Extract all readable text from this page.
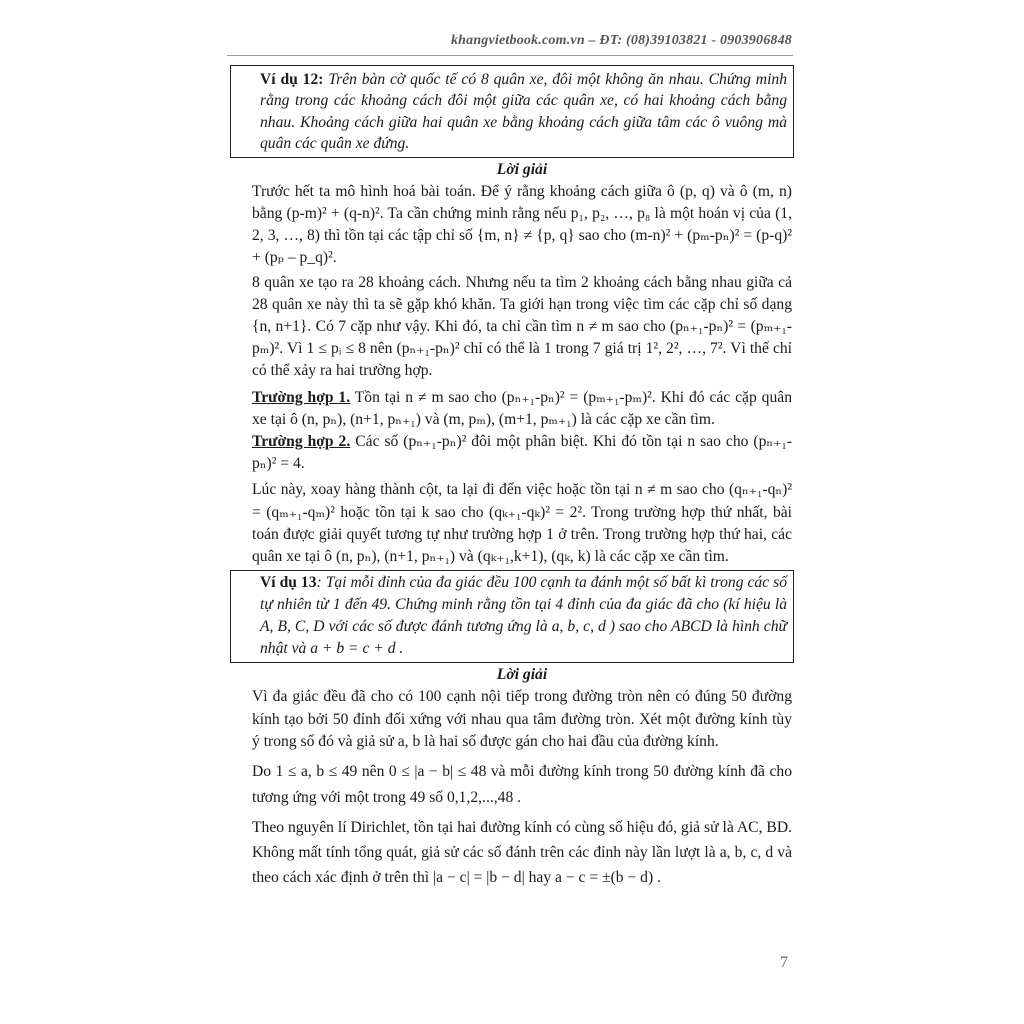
khangvietbook.com.vn – ĐT: (08)39103821 - 0903906848

Ví dụ 12: Trên bàn cờ quốc tế có 8 quân xe, đôi một không ăn nhau. Chứng minh rằng trong các khoảng cách đôi một giữa các quân xe, có hai khoảng cách bằng nhau. Khoảng cách giữa hai quân xe bằng khoảng cách giữa tâm các ô vuông mà quân các quân xe đứng.

Lời giải

Trước hết ta mô hình hoá bài toán. Để ý rằng khoảng cách giữa ô (p, q) và ô (m, n) bằng (p-m)² + (q-n)². Ta cần chứng minh rằng nếu p₁, p₂, …, p₈ là một hoán vị của (1, 2, 3, …, 8) thì tồn tại các tập chỉ số {m, n} ≠ {p, q} sao cho (m-n)² + (pₘ-pₙ)² = (p-q)² + (pₚ – p_q)².

8 quân xe tạo ra 28 khoảng cách. Nhưng nếu ta tìm 2 khoảng cách bằng nhau giữa cả 28 quân xe này thì ta sẽ gặp khó khăn. Ta giới hạn trong việc tìm các cặp chỉ số dạng {n, n+1}. Có 7 cặp như vậy. Khi đó, ta chỉ cần tìm n ≠ m sao cho (pₙ₊₁-pₙ)² = (pₘ₊₁-pₘ)². Vì 1 ≤ pᵢ ≤ 8 nên (pₙ₊₁-pₙ)² chỉ có thể là 1 trong 7 giá trị 1², 2², …, 7². Vì thế chỉ có thể xảy ra hai trường hợp.

Trường hợp 1. Tồn tại n ≠ m sao cho (pₙ₊₁-pₙ)² = (pₘ₊₁-pₘ)². Khi đó các cặp quân xe tại ô (n, pₙ), (n+1, pₙ₊₁) và (m, pₘ), (m+1, pₘ₊₁) là các cặp xe cần tìm.

Trường hợp 2. Các số (pₙ₊₁-pₙ)² đôi một phân biệt. Khi đó tồn tại n sao cho (pₙ₊₁-pₙ)² = 4.

Lúc này, xoay hàng thành cột, ta lại đi đến việc hoặc tồn tại n ≠ m sao cho (qₙ₊₁-qₙ)² = (qₘ₊₁-qₘ)² hoặc tồn tại k sao cho (qₖ₊₁-qₖ)² = 2². Trong trường hợp thứ nhất, bài toán được giải quyết tương tự như trường hợp 1 ở trên. Trong trường hợp thứ hai, các quân xe tại ô (n, pₙ), (n+1, pₙ₊₁) và (qₖ₊₁,k+1), (qₖ, k) là các cặp xe cần tìm.

Ví dụ 13: Tại mỗi đỉnh của đa giác đều 100 cạnh ta đánh một số bất kì trong các số tự nhiên từ 1 đến 49. Chứng minh rằng tồn tại 4 đỉnh của đa giác đã cho (kí hiệu là A, B, C, D với các số được đánh tương ứng là a, b, c, d ) sao cho ABCD là hình chữ nhật và a + b = c + d .

Lời giải

Vì đa giác đều đã cho có 100 cạnh nội tiếp trong đường tròn nên có đúng 50 đường kính tạo bởi 50 đỉnh đối xứng với nhau qua tâm đường tròn. Xét một đường kính tùy ý trong số đó và giả sử a, b là hai số được gán cho hai đầu của đường kính.

Do 1 ≤ a, b ≤ 49 nên 0 ≤ |a − b| ≤ 48 và mỗi đường kính trong 50 đường kính đã cho tương ứng với một trong 49 số 0,1,2,...,48 .

Theo nguyên lí Dirichlet, tồn tại hai đường kính có cùng số hiệu đó, giả sử là AC, BD. Không mất tính tổng quát, giả sử các số đánh trên các đỉnh này lần lượt là a, b, c, d và theo cách xác định ở trên thì |a − c| = |b − d| hay a − c = ±(b − d) .

7
